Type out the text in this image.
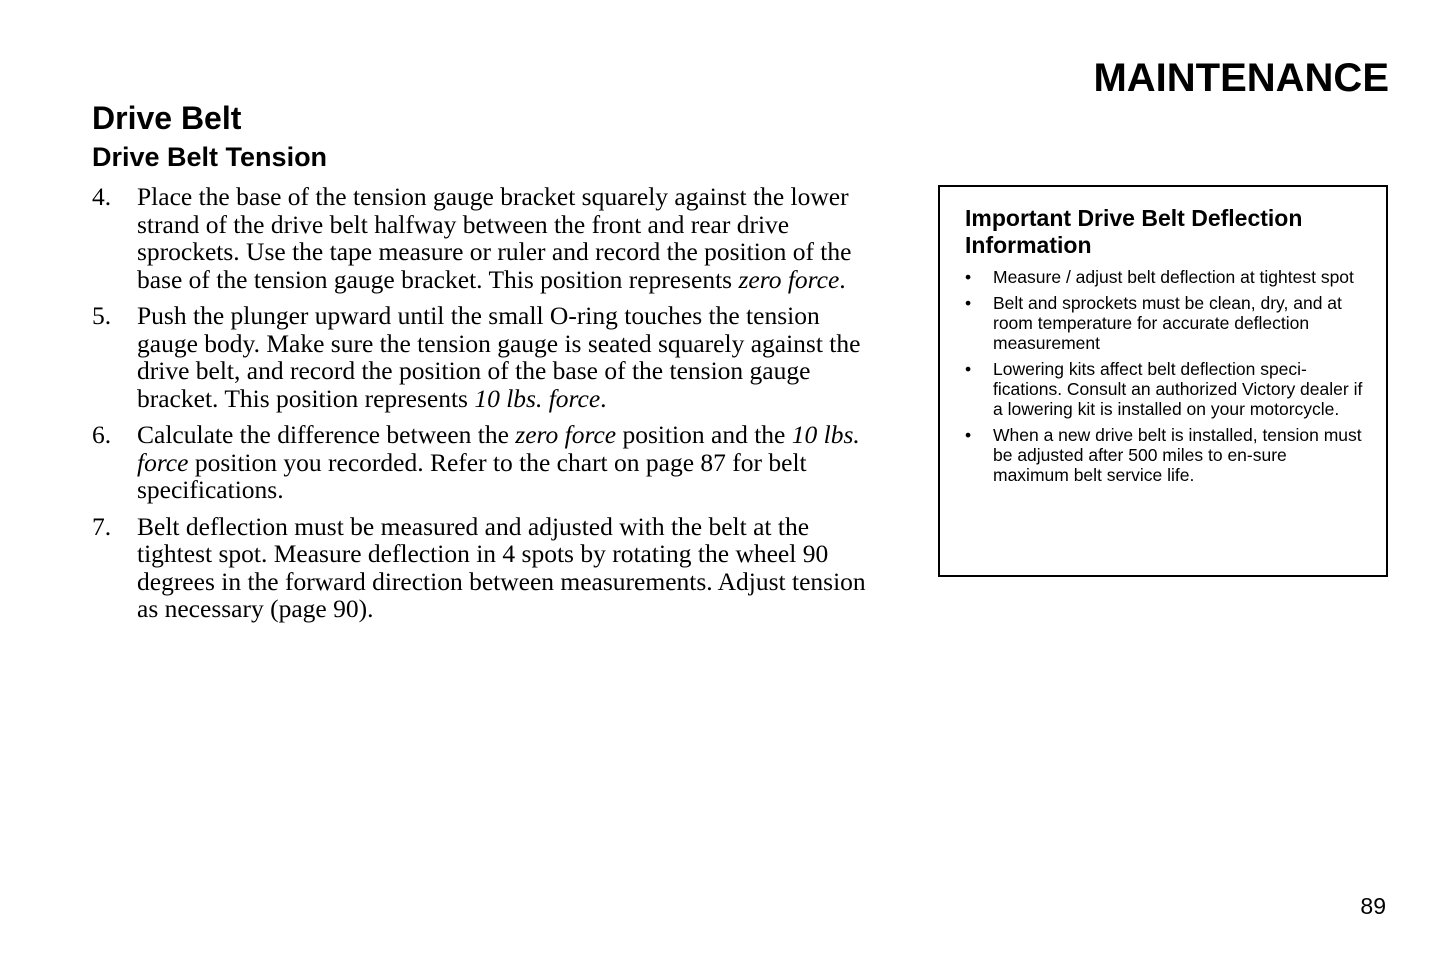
MAINTENANCE
Drive Belt
Drive Belt Tension
4.	Place the base of the tension gauge bracket squarely against the lower strand of the drive belt halfway between the front and rear drive sprockets. Use the tape measure or ruler and record the position of the base of the tension gauge bracket. This position represents zero force.
5.	Push the plunger upward until the small O-ring touches the tension gauge body. Make sure the tension gauge is seated squarely against the drive belt, and record the position of the base of the tension gauge bracket. This position represents 10 lbs. force.
6.	Calculate the difference between the zero force position and the 10 lbs. force position you recorded. Refer to the chart on page 87 for belt specifications.
7.	Belt deflection must be measured and adjusted with the belt at the tightest spot. Measure deflection in 4 spots by rotating the wheel 90 degrees in the forward direction between measurements. Adjust tension as necessary (page 90).

Important Drive Belt Deflection Information

•	Measure / adjust belt deflection at tightest spot
•	Belt and sprockets must be clean, dry, and at room temperature for accurate deflection measurement
•	Lowering kits affect belt deflection speci-fications. Consult an authorized Victory dealer if a lowering kit is installed on your motorcycle.
•	When a new drive belt is installed, tension must be adjusted after 500 miles to en-sure maximum belt service life.

89
